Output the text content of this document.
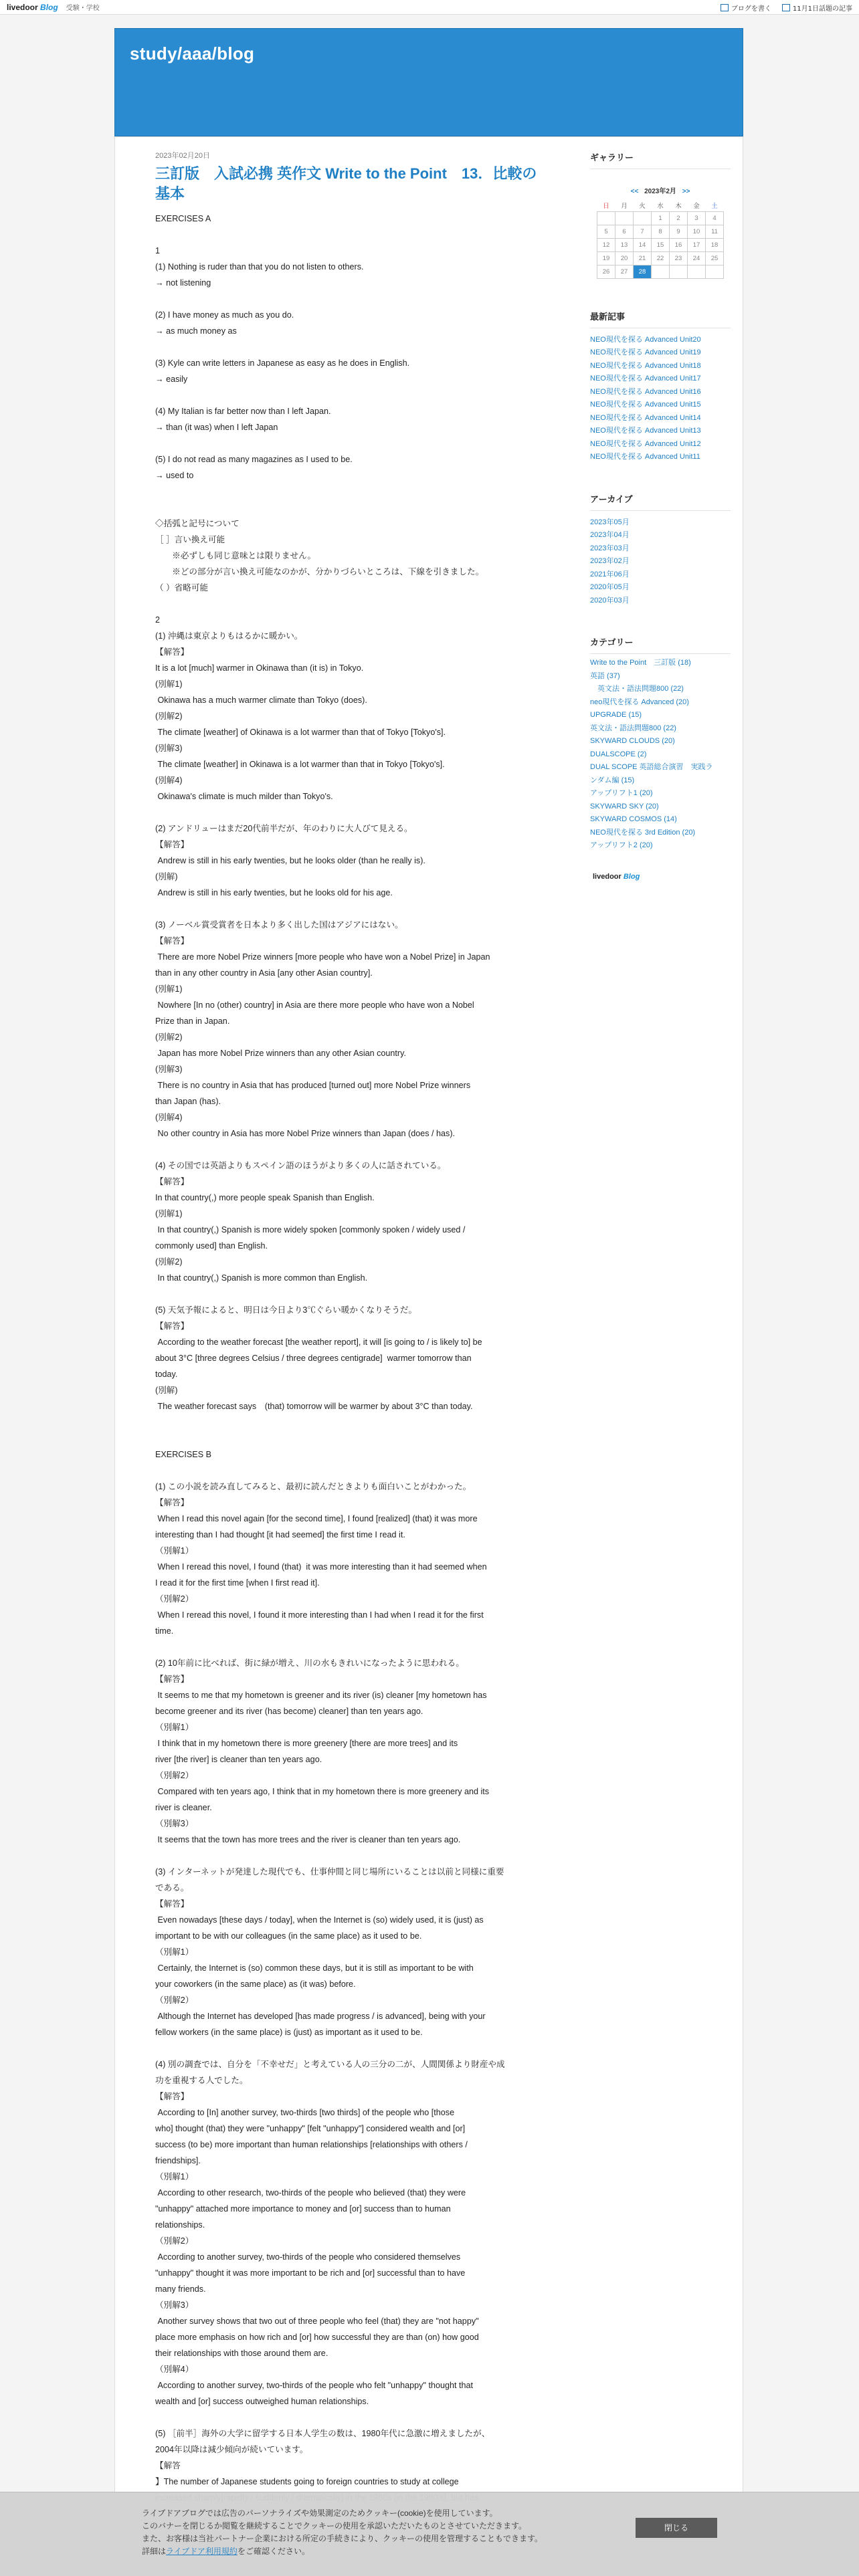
livedoor Blog 受験・学校	ブログを書く	11月1日話題の記事
study/aaa/blog
2023年02月20日
三訂版　入試必携 英作文 Write to the Point　13．比較の基本
EXERCISES A
1
(1) Nothing is ruder than that you do not listen to others.
→ not listening
(2) I have money as much as you do.
→ as much money as
(3) Kyle can write letters in Japanese as easy as he does in English.
→ easily
(4) My Italian is far better now than I left Japan.
→ than (it was) when I left Japan
(5) I do not read as many magazines as I used to be.
→ used to
◇括弧と記号について
［ ］言い換え可能
　　※必ずしも同じ意味とは限りません。
　　※どの部分が言い換え可能なのかが、分かりづらいところは、下線を引きました。
（ ）省略可能
2
(1) 沖縄は東京よりもはるかに暖かい。
【解答】
It is a lot [much] warmer in Okinawa than (it is) in Tokyo.
(別解1)
Okinawa has a much warmer climate than Tokyo (does).
(別解2)
The climate [weather] of Okinawa is a lot warmer than that of Tokyo [Tokyo's].
(別解3)
The climate [weather] in Okinawa is a lot warmer than that in Tokyo [Tokyo's].
(別解4)
Okinawa's climate is much milder than Tokyo's.
(2) アンドリューはまだ20代前半だが、年のわりに大人びて見える。
【解答】
Andrew is still in his early twenties, but he looks older (than he really is).
(別解)
Andrew is still in his early twenties, but he looks old for his age.
(3) ノーベル賞受賞者を日本より多く出した国はアジアにはない。
【解答】
There are more Nobel Prize winners [more people who have won a Nobel Prize] in Japan
than in any other country in Asia [any other Asian country].
(別解1)
Nowhere [In no (other) country] in Asia are there more people who have won a Nobel
Prize than in Japan.
(別解2)
Japan has more Nobel Prize winners than any other Asian country.
(別解3)
There is no country in Asia that has produced [turned out] more Nobel Prize winners
than Japan (has).
(別解4)
No other country in Asia has more Nobel Prize winners than Japan (does / has).
(4) その国では英語よりもスペイン語のほうがより多くの人に話されている。
【解答】
In that country(,) more people speak Spanish than English.
(別解1)
In that country(,) Spanish is more widely spoken [commonly spoken / widely used /
commonly used] than English.
(別解2)
In that country(,) Spanish is more common than English.
(5) 天気予報によると、明日は今日より3℃ぐらい暖かくなりそうだ。
【解答】
According to the weather forecast [the weather report], it will [is going to / is likely to] be
about 3°C [three degrees Celsius / three degrees centigrade]  warmer tomorrow than
today.
(別解)
The weather forecast says　(that) tomorrow will be warmer by about 3°C than today.
EXERCISES B
(1) この小説を読み直してみると、最初に読んだときよりも面白いことがわかった。
【解答】
When I read this novel again [for the second time], I found [realized] (that) it was more
interesting than I had thought [it had seemed] the first time I read it.
（別解1）
When I reread this novel, I found (that)  it was more interesting than it had seemed when
I read it for the first time [when I first read it].
（別解2）
When I reread this novel, I found it more interesting than I had when I read it for the first
time.
(2) 10年前に比べれば、街に緑が増え、川の水もきれいになったように思われる。
【解答】
It seems to me that my hometown is greener and its river (is) cleaner [my hometown has
become greener and its river (has become) cleaner] than ten years ago.
（別解1）
I think that in my hometown there is more greenery [there are more trees] and its
river [the river] is cleaner than ten years ago.
（別解2）
Compared with ten years ago, I think that in my hometown there is more greenery and its
river is cleaner.
（別解3）
It seems that the town has more trees and the river is cleaner than ten years ago.
(3) インターネットが発達した現代でも、仕事仲間と同じ場所にいることは以前と同様に重要
である。
【解答】
Even nowadays [these days / today], when the Internet is (so) widely used, it is (just) as
important to be with our colleagues (in the same place) as it used to be.
（別解1）
Certainly, the Internet is (so) common these days, but it is still as important to be with
your coworkers (in the same place) as (it was) before.
（別解2）
Although the Internet has developed [has made progress / is advanced], being with your
fellow workers (in the same place) is (just) as important as it used to be.
(4) 別の調査では、自分を「不幸せだ」と考えている人の三分の二が、人間関係より財産や成
功を重視する人でした。
【解答】
According to [In] another survey, two-thirds [two thirds] of the people who [those
who] thought (that) they were "unhappy" [felt "unhappy"] considered wealth and [or]
success (to be) more important than human relationships [relationships with others /
friendships].
（別解1）
According to other research, two-thirds of the people who believed (that) they were
"unhappy" attached more importance to money and [or] success than to human
relationships.
（別解2）
According to another survey, two-thirds of the people who considered themselves
"unhappy" thought it was more important to be rich and [or] successful than to have
many friends.
（別解3）
Another survey shows that two out of three people who feel (that) they are "not happy"
place more emphasis on how rich and [or] how successful they are than (on) how good
their relationships with those around them are.
（別解4）
According to another survey, two-thirds of the people who felt "unhappy" thought that
wealth and [or] success outweighed human relationships.
(5) ［前半］海外の大学に留学する日本人学生の数は、1980年代に急激に増えましたが、
2004年以降は減少傾向が続いています。
【解答
】The number of Japanese students going to foreign countries to study at college
ギャラリー
<< 2023年2月 >>
日	月	火	水	木	金	土
			1	2	3	4
5	6	7	8	9	10	11
12	13	14	15	16	17	18
19	20	21	22	23	24	25
26	27	28				
最新記事
NEO現代を探る Advanced Unit20
NEO現代を探る Advanced Unit19
NEO現代を探る Advanced Unit18
NEO現代を探る Advanced Unit17
NEO現代を探る Advanced Unit16
NEO現代を探る Advanced Unit15
NEO現代を探る Advanced Unit14
NEO現代を探る Advanced Unit13
NEO現代を探る Advanced Unit12
NEO現代を探る Advanced Unit11
アーカイブ
2023年05月
2023年04月
2023年03月
2023年02月
2021年06月
2020年05月
2020年03月
カテゴリー
Write to the Point　三訂版 (18)
英語 (37)
　英文法・語法問題800 (22)
neo現代を探る Advanced (20)
UPGRADE (15)
英文法・語法問題800 (22)
SKYWARD CLOUDS (20)
DUALSCOPE (2)
DUAL SCOPE 英語総合演習　実践ラ
ンダム編 (15)
アップリフト1 (20)
SKYWARD SKY (20)
SKYWARD COSMOS (14)
NEO現代を探る 3rd Edition (20)
アップリフト2 (20)
livedoor Blog
ライブドアブログでは広告のパーソナライズや効果測定のためクッキー(cookie)を使用しています。
このバナーを閉じるか閲覧を継続することでクッキーの使用を承認いただいたものとさせていただきます。
また、お客様は当社パートナー企業における所定の手続きにより、クッキーの使用を管理することもできます。
詳細はライブドア利用規約をご確認ください。
閉じる
